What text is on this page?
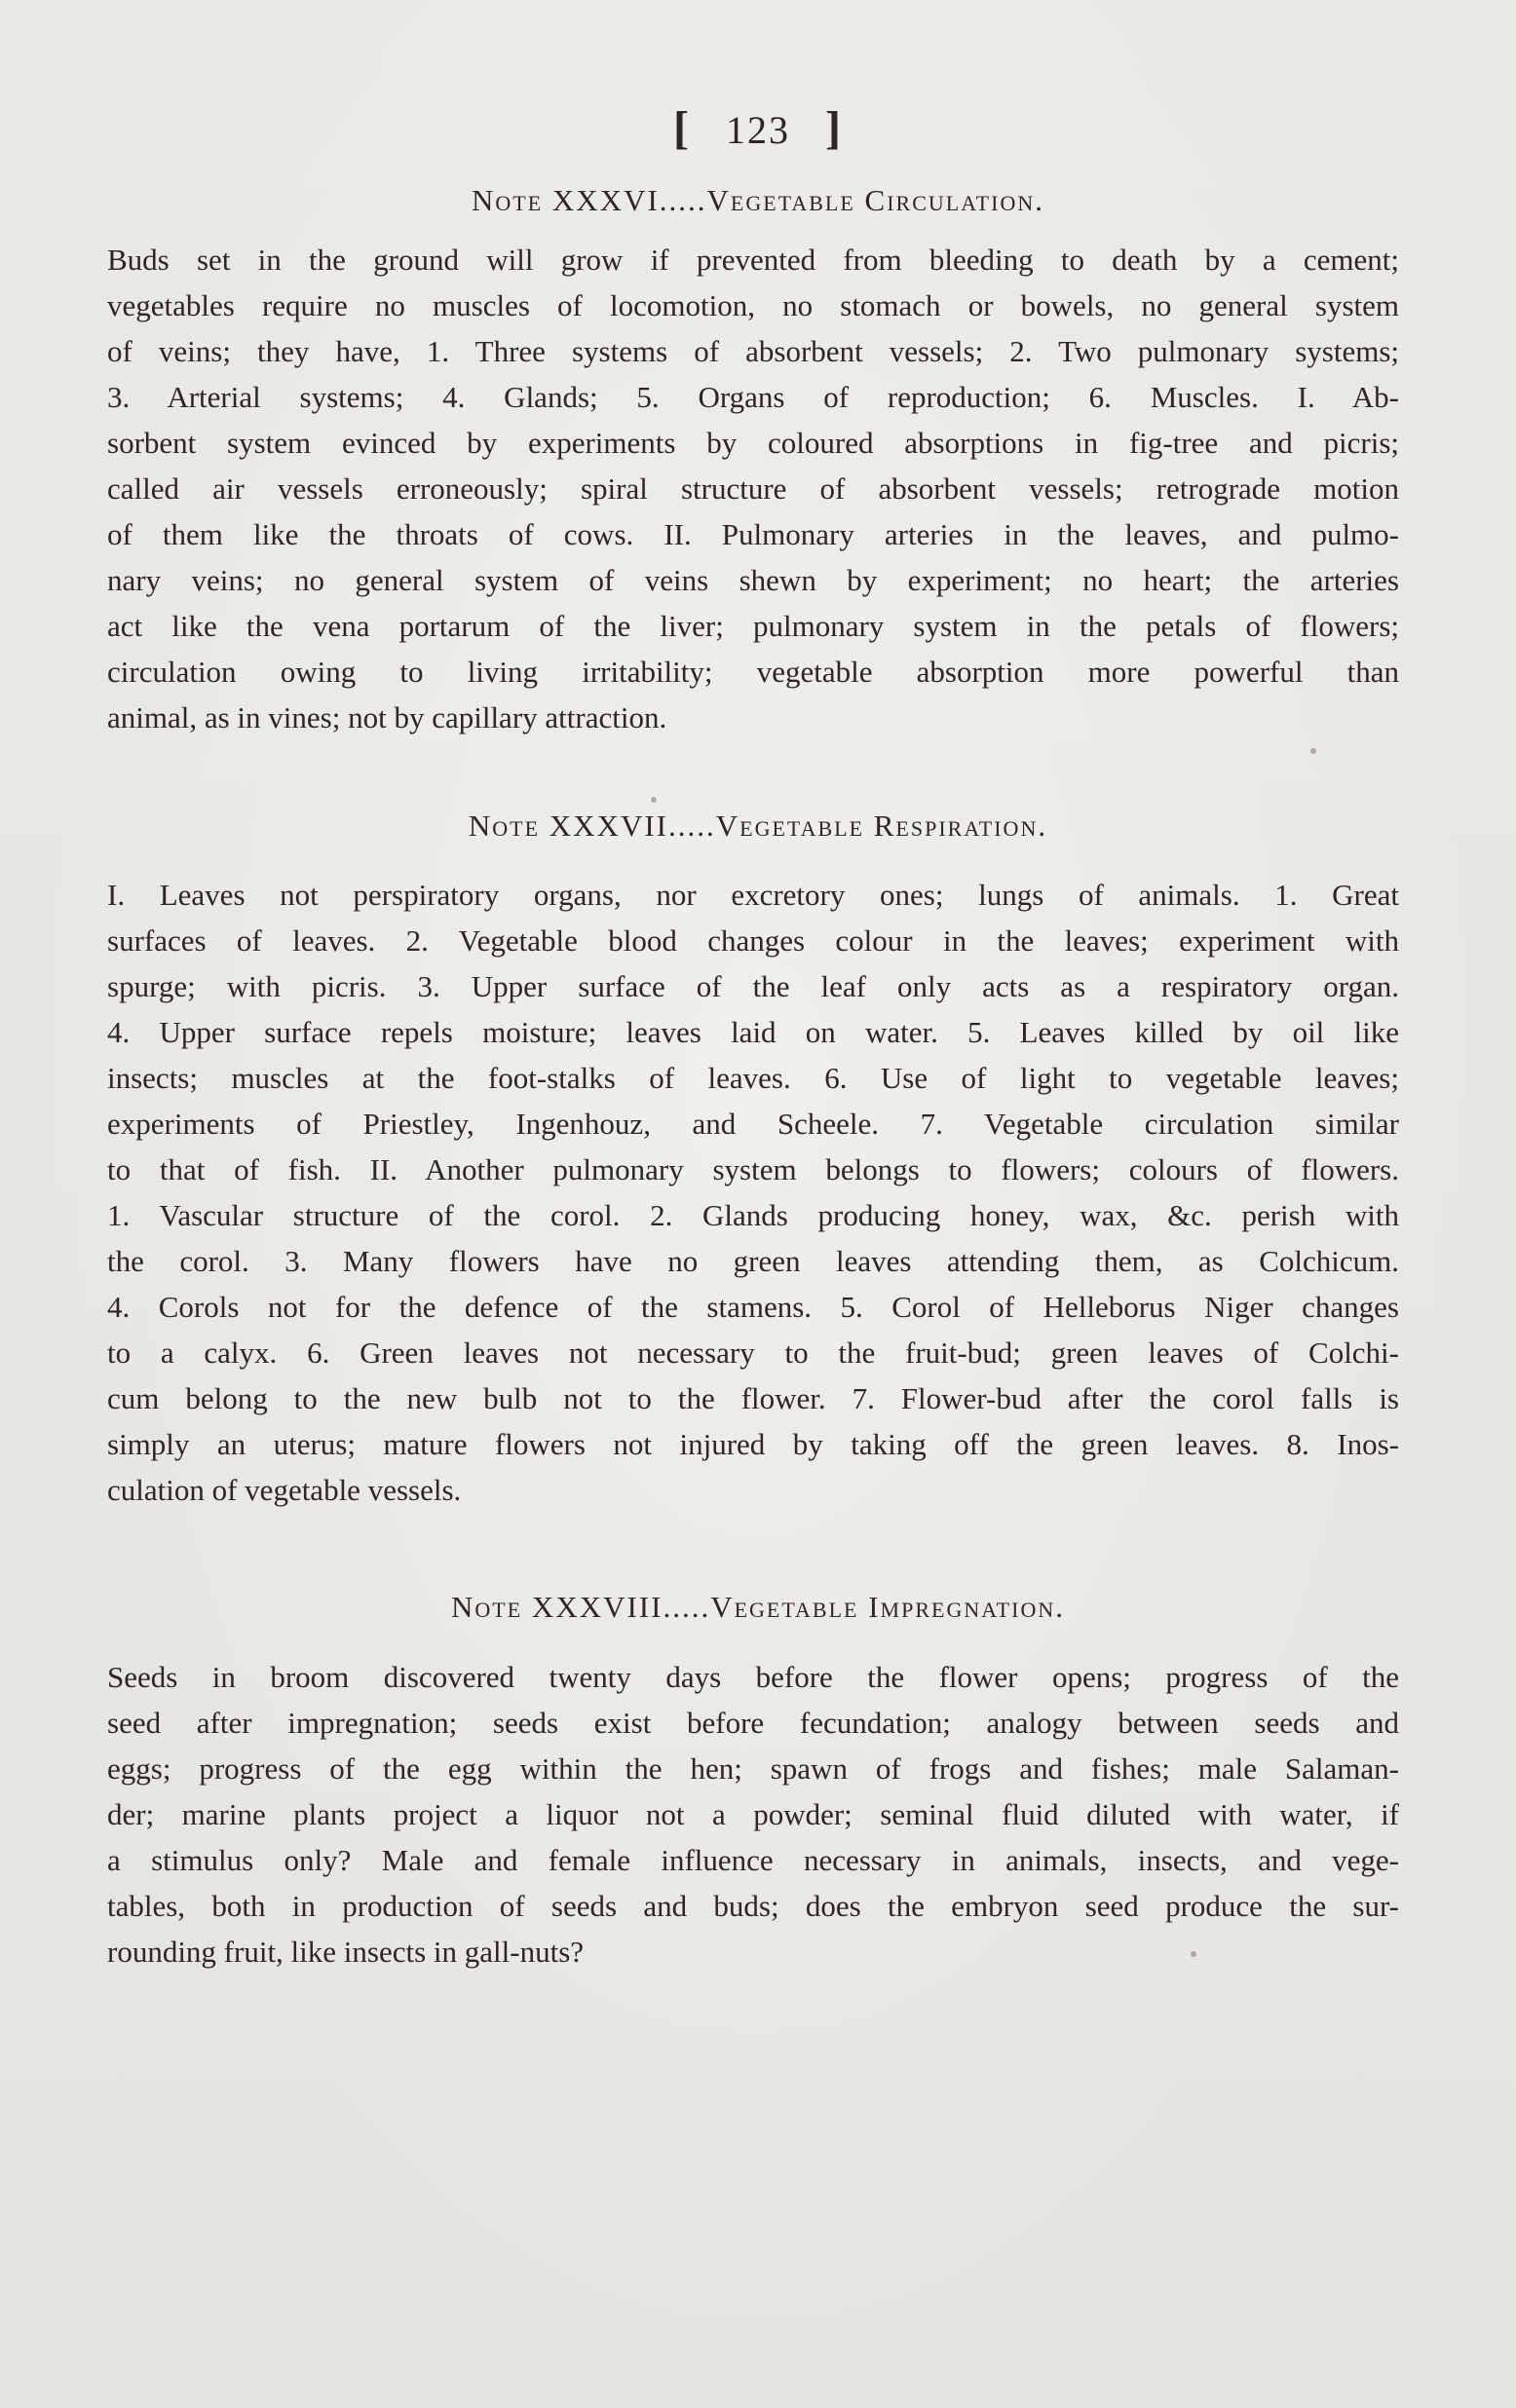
[ 123 ]
Note XXXVI.....Vegetable Circulation.
Buds set in the ground will grow if prevented from bleeding to death by a cement;
vegetables require no muscles of locomotion, no stomach or bowels, no general system
of veins; they have, 1. Three systems of absorbent vessels; 2. Two pulmonary systems;
3. Arterial systems; 4. Glands; 5. Organs of reproduction; 6. Muscles. I. Ab-
sorbent system evinced by experiments by coloured absorptions in fig-tree and picris;
called air vessels erroneously; spiral structure of absorbent vessels; retrograde motion
of them like the throats of cows. II. Pulmonary arteries in the leaves, and pulmo-
nary veins; no general system of veins shewn by experiment; no heart; the arteries
act like the vena portarum of the liver; pulmonary system in the petals of flowers;
circulation owing to living irritability; vegetable absorption more powerful than
animal, as in vines; not by capillary attraction.
Note XXXVII.....Vegetable Respiration.
I. Leaves not perspiratory organs, nor excretory ones; lungs of animals. 1. Great
surfaces of leaves. 2. Vegetable blood changes colour in the leaves; experiment with
spurge; with picris. 3. Upper surface of the leaf only acts as a respiratory organ.
4. Upper surface repels moisture; leaves laid on water. 5. Leaves killed by oil like
insects; muscles at the foot-stalks of leaves. 6. Use of light to vegetable leaves;
experiments of Priestley, Ingenhouz, and Scheele. 7. Vegetable circulation similar
to that of fish. II. Another pulmonary system belongs to flowers; colours of flowers.
1. Vascular structure of the corol. 2. Glands producing honey, wax, &c. perish with
the corol. 3. Many flowers have no green leaves attending them, as Colchicum.
4. Corols not for the defence of the stamens. 5. Corol of Helleborus Niger changes
to a calyx. 6. Green leaves not necessary to the fruit-bud; green leaves of Colchi-
cum belong to the new bulb not to the flower. 7. Flower-bud after the corol falls is
simply an uterus; mature flowers not injured by taking off the green leaves. 8. Inos-
culation of vegetable vessels.
Note XXXVIII.....Vegetable Impregnation.
Seeds in broom discovered twenty days before the flower opens; progress of the
seed after impregnation; seeds exist before fecundation; analogy between seeds and
eggs; progress of the egg within the hen; spawn of frogs and fishes; male Salaman-
der; marine plants project a liquor not a powder; seminal fluid diluted with water, if
a stimulus only? Male and female influence necessary in animals, insects, and vege-
tables, both in production of seeds and buds; does the embryon seed produce the sur-
rounding fruit, like insects in gall-nuts?
